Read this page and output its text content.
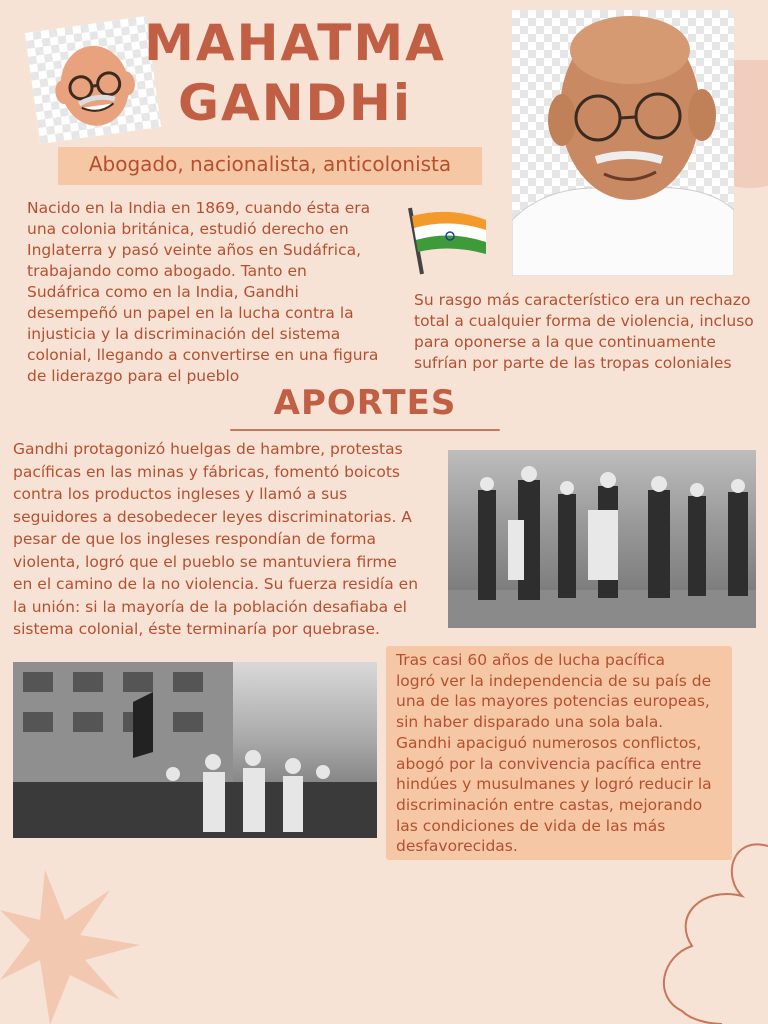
MAHATMA
GANDHi
Abogado, nacionalista, anticolonista
Nacido en la India en 1869, cuando ésta era
una colonia británica, estudió derecho en
Inglaterra y pasó veinte años en Sudáfrica,
trabajando como abogado. Tanto en
Sudáfrica como en la India, Gandhi
desempeñó un papel en la lucha contra la
injusticia y la discriminación del sistema
colonial, llegando a convertirse en una figura
de liderazgo para el pueblo
Su rasgo más característico era un rechazo
total a cualquier forma de violencia, incluso
para oponerse a la que continuamente
sufrían por parte de las tropas coloniales
APORTES
Gandhi protagonizó huelgas de hambre, protestas
pacíficas en las minas y fábricas, fomentó boicots
contra los productos ingleses y llamó a sus
seguidores a desobedecer leyes discriminatorias. A
pesar de que los ingleses respondían de forma
violenta, logró que el pueblo se mantuviera firme
en el camino de la no violencia. Su fuerza residía en
la unión: si la mayoría de la población desafiaba el
sistema colonial, éste terminaría por quebrase.
Tras casi 60 años de lucha pacífica
logró ver la independencia de su país de
una de las mayores potencias europeas,
sin haber disparado una sola bala.
Gandhi apaciguó numerosos conflictos,
abogó por la convivencia pacífica entre
hindúes y musulmanes y logró reducir la
discriminación entre castas, mejorando
las condiciones de vida de las más
desfavorecidas.
